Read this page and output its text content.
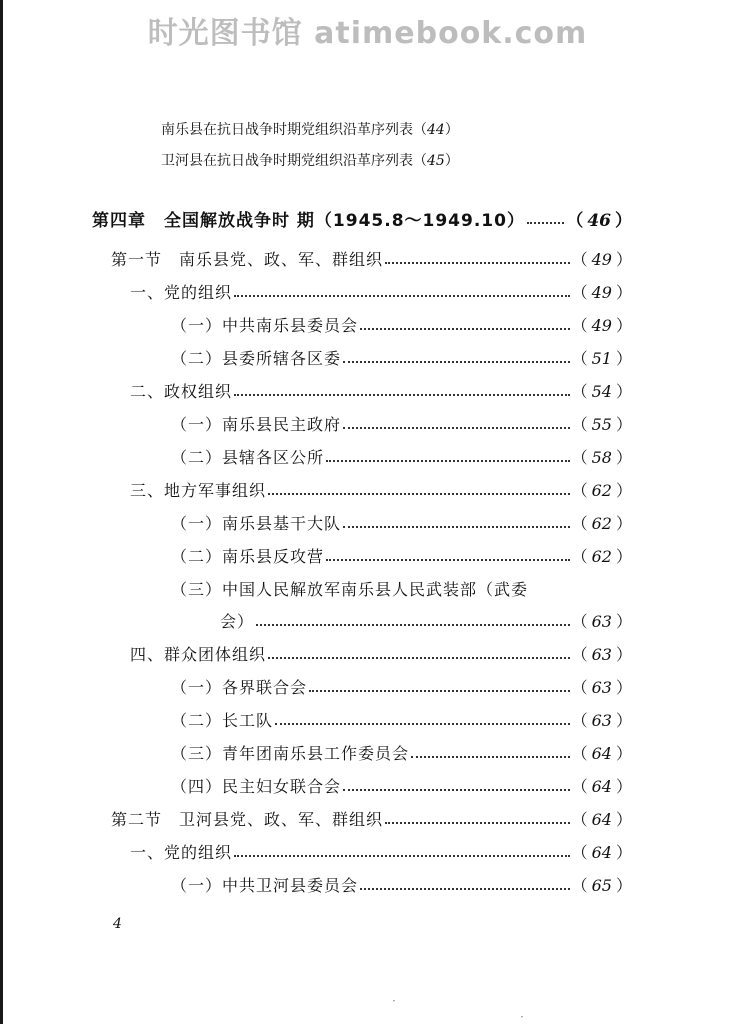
时光图书馆 atimebook.com
南乐县在抗日战争时期党组织沿革序列表（44）
卫河县在抗日战争时期党组织沿革序列表（45）
第四章　全国解放战争时 期（1945.8～1949.10） （ 46 ）
第一节　南乐县党、政、军、群组织	（ 49 ）
一、党的组织	（ 49 ）
（一）中共南乐县委员会	（ 49 ）
（二）县委所辖各区委	（ 51 ）
二、政权组织	（ 54 ）
（一）南乐县民主政府	（ 55 ）
（二）县辖各区公所	（ 58 ）
三、地方军事组织	（ 62 ）
（一）南乐县基干大队	（ 62 ）
（二）南乐县反攻营	（ 62 ）
（三）中国人民解放军南乐县人民武装部（武委
会）	（ 63 ）
四、群众团体组织	（ 63 ）
（一）各界联合会	（ 63 ）
（二）长工队	（ 63 ）
（三）青年团南乐县工作委员会	（ 64 ）
（四）民主妇女联合会	（ 64 ）
第二节　卫河县党、政、军、群组织	（ 64 ）
一、党的组织	（ 64 ）
（一）中共卫河县委员会	（ 65 ）
4
·
·
